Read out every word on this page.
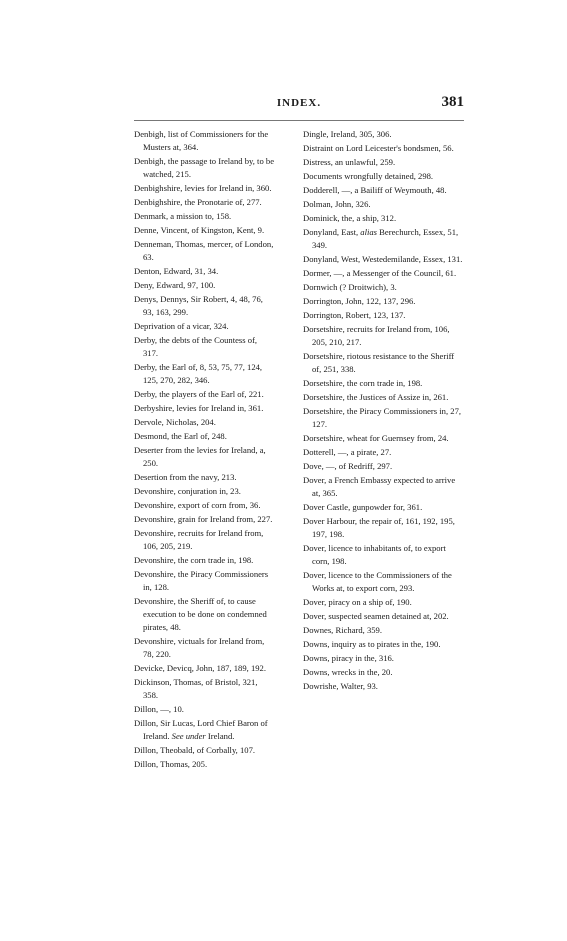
INDEX.	381
Denbigh, list of Commissioners for the Musters at, 364.
Denbigh, the passage to Ireland by, to be watched, 215.
Denbighshire, levies for Ireland in, 360.
Denbighshire, the Pronotarie of, 277.
Denmark, a mission to, 158.
Denne, Vincent, of Kingston, Kent, 9.
Denneman, Thomas, mercer, of London, 63.
Denton, Edward, 31, 34.
Deny, Edward, 97, 100.
Denys, Dennys, Sir Robert, 4, 48, 76, 93, 163, 299.
Deprivation of a vicar, 324.
Derby, the debts of the Countess of, 317.
Derby, the Earl of, 8, 53, 75, 77, 124, 125, 270, 282, 346.
Derby, the players of the Earl of, 221.
Derbyshire, levies for Ireland in, 361.
Dervole, Nicholas, 204.
Desmond, the Earl of, 248.
Deserter from the levies for Ireland, a, 250.
Desertion from the navy, 213.
Devonshire, conjuration in, 23.
Devonshire, export of corn from, 36.
Devonshire, grain for Ireland from, 227.
Devonshire, recruits for Ireland from, 106, 205, 219.
Devonshire, the corn trade in, 198.
Devonshire, the Piracy Commissioners in, 128.
Devonshire, the Sheriff of, to cause execution to be done on condemned pirates, 48.
Devonshire, victuals for Ireland from, 78, 220.
Devicke, Devicq, John, 187, 189, 192.
Dickinson, Thomas, of Bristol, 321, 358.
Dillon, —, 10.
Dillon, Sir Lucas, Lord Chief Baron of Ireland. See under Ireland.
Dillon, Theobald, of Corbally, 107.
Dillon, Thomas, 205.
Dingle, Ireland, 305, 306.
Distraint on Lord Leicester's bondsmen, 56.
Distress, an unlawful, 259.
Documents wrongfully detained, 298.
Dodderell, —, a Bailiff of Weymouth, 48.
Dolman, John, 326.
Dominick, the, a ship, 312.
Donyland, East, alias Berechurch, Essex, 51, 349.
Donyland, West, Westedemilande, Essex, 131.
Dormer, —, a Messenger of the Council, 61.
Dornwich (? Droitwich), 3.
Dorrington, John, 122, 137, 296.
Dorrington, Robert, 123, 137.
Dorsetshire, recruits for Ireland from, 106, 205, 210, 217.
Dorsetshire, riotous resistance to the Sheriff of, 251, 338.
Dorsetshire, the corn trade in, 198.
Dorsetshire, the Justices of Assize in, 261.
Dorsetshire, the Piracy Commissioners in, 27, 127.
Dorsetshire, wheat for Guernsey from, 24.
Dotterell, —, a pirate, 27.
Dove, —, of Redriff, 297.
Dover, a French Embassy expected to arrive at, 365.
Dover Castle, gunpowder for, 361.
Dover Harbour, the repair of, 161, 192, 195, 197, 198.
Dover, licence to inhabitants of, to export corn, 198.
Dover, licence to the Commissioners of the Works at, to export corn, 293.
Dover, piracy on a ship of, 190.
Dover, suspected seamen detained at, 202.
Downes, Richard, 359.
Downs, inquiry as to pirates in the, 190.
Downs, piracy in the, 316.
Downs, wrecks in the, 20.
Dowrishe, Walter, 93.
